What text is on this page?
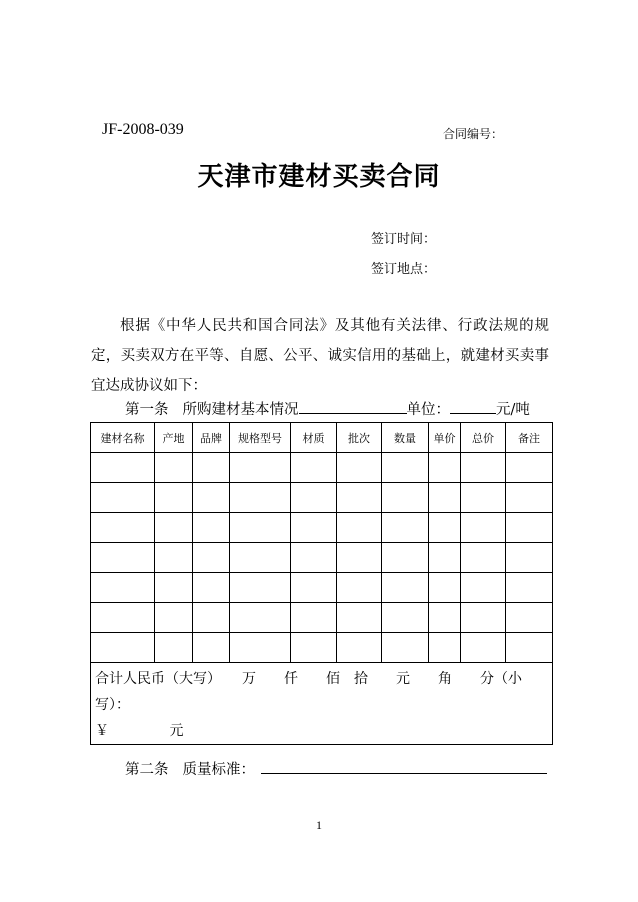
JF-2008-039	合同编号：
天津市建材买卖合同
签订时间：
签订地点：
根据《中华人民共和国合同法》及其他有关法律、行政法规的规定，买卖双方在平等、自愿、公平、诚实信用的基础上，就建材买卖事宜达成协议如下：
第一条 所购建材基本情况	单位：	元/吨
建材名称	产地	品牌	规格型号	材质	批次	数量	单价	总价	备注

合计人民币（大写）　　万　　仟　　佰　拾　　元　　角　　分（小写）：
￥　　　　 元									
第二条 质量标准：
1
